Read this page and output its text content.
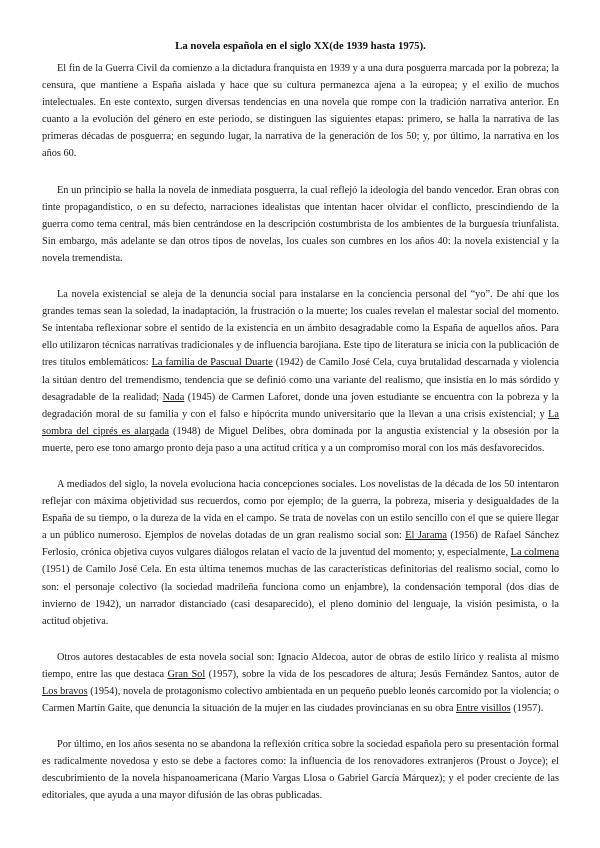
La novela española en el siglo XX(de 1939 hasta 1975).

El fin de la Guerra Civil da comienzo a la dictadura franquista en 1939 y a una dura posguerra marcada por la pobreza; la censura, que mantiene a España aislada y hace que su cultura permanezca ajena a la europea; y el exilio de muchos intelectuales. En este contexto, surgen diversas tendencias en una novela que rompe con la tradición narrativa anterior. En cuanto a la evolución del género en este periodo, se distinguen las siguientes etapas: primero, se halla la narrativa de las primeras décadas de posguerra; en segundo lugar, la narrativa de la generación de los 50; y, por último, la narrativa en los años 60.

En un principio se halla la novela de inmediata posguerra, la cual reflejó la ideología del bando vencedor. Eran obras con tinte propagandístico, o en su defecto, narraciones idealistas que intentan hacer olvidar el conflicto, prescindiendo de la guerra como tema central, más bien centrándose en la descripción costumbrista de los ambientes de la burguesía triunfalista. Sin embargo, más adelante se dan otros tipos de novelas, los cuales son cumbres en los años 40: la novela existencial y la novela tremendista.

La novela existencial se aleja de la denuncia social para instalarse en la conciencia personal del “yo”. De ahí que los grandes temas sean la soledad, la inadaptación, la frustración o la muerte; los cuales revelan el malestar social del momento. Se intentaba reflexionar sobre el sentido de la existencia en un ámbito desagradable como la España de aquellos años. Para ello utilizaron técnicas narrativas tradicionales y de influencia barojiana. Este tipo de literatura se inicia con la publicación de tres títulos emblemáticos: La familia de Pascual Duarte (1942) de Camilo José Cela, cuya brutalidad descarnada y violencia la sitúan dentro del tremendismo, tendencia que se definió como una variante del realismo, que insistía en lo más sórdido y desagradable de la realidad; Nada (1945) de Carmen Laforet, donde una joven estudiante se encuentra con la pobreza y la degradación moral de su familia y con el falso e hipócrita mundo universitario que la llevan a una crisis existencial; y La sombra del ciprés es alargada (1948) de Miguel Delibes, obra dominada por la angustia existencial y la obsesión por la muerte, pero ese tono amargo pronto deja paso a una actitud crítica y a un compromiso moral con los más desfavorecidos.

A mediados del siglo, la novela evoluciona hacia concepciones sociales. Los novelistas de la década de los 50 intentaron reflejar con máxima objetividad sus recuerdos, como por ejemplo; de la guerra, la pobreza, miseria y desigualdades de la España de su tiempo, o la dureza de la vida en el campo. Se trata de novelas con un estilo sencillo con el que se quiere llegar a un público numeroso. Ejemplos de novelas dotadas de un gran realismo social son: El Jarama (1956) de Rafael Sánchez Ferlosio, crónica objetiva cuyos vulgares diálogos relatan el vacío de la juventud del momento; y, especialmente, La colmena (1951) de Camilo José Cela. En esta última tenemos muchas de las características definitorias del realismo social, como lo son: el personaje colectivo (la sociedad madrileña funciona como un enjambre), la condensación temporal (dos días de invierno de 1942), un narrador distanciado (casi desaparecido), el pleno dominio del lenguaje, la visión pesimista, o la actitud objetiva.

Otros autores destacables de esta novela social son: Ignacio Aldecoa, autor de obras de estilo lírico y realista al mismo tiempo, entre las que destaca Gran Sol (1957), sobre la vida de los pescadores de altura; Jesús Fernández Santos, autor de Los bravos (1954), novela de protagonismo colectivo ambientada en un pequeño pueblo leonés carcomido por la violencia; o Carmen Martín Gaite, que denuncia la situación de la mujer en las ciudades provincianas en su obra Entre visillos (1957).

Por último, en los años sesenta no se abandona la reflexión crítica sobre la sociedad española pero su presentación formal es radicalmente novedosa y esto se debe a factores como: la influencia de los renovadores extranjeros (Proust o Joyce); el descubrimiento de la novela hispanoamericana (Mario Vargas Llosa o Gabriel García Márquez); y el poder creciente de las editoriales, que ayuda a una mayor difusión de las obras publicadas.
